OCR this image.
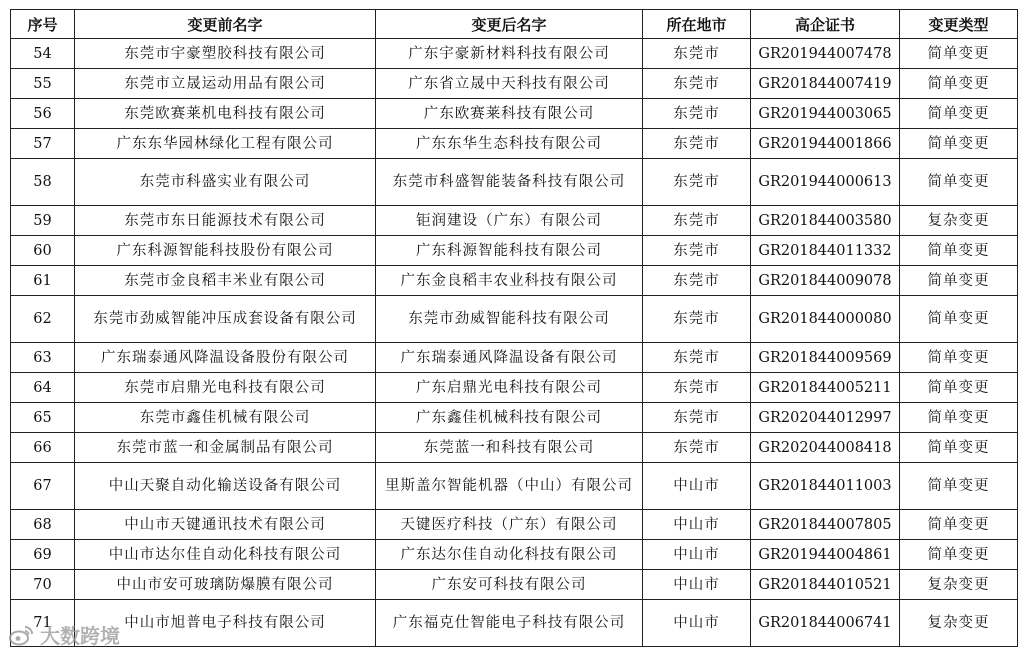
序号	变更前名字	变更后名字	所在地市	高企证书	变更类型
54	东莞市宇豪塑胶科技有限公司	广东宇豪新材料科技有限公司	东莞市	GR201944007478	简单变更
55	东莞市立晟运动用品有限公司	广东省立晟中天科技有限公司	东莞市	GR201844007419	简单变更
56	东莞欧赛莱机电科技有限公司	广东欧赛莱科技有限公司	东莞市	GR201944003065	简单变更
57	广东东华园林绿化工程有限公司	广东东华生态科技有限公司	东莞市	GR201944001866	简单变更
58	东莞市科盛实业有限公司	东莞市科盛智能装备科技有限公司	东莞市	GR201944000613	简单变更
59	东莞市东日能源技术有限公司	钜润建设（广东）有限公司	东莞市	GR201844003580	复杂变更
60	广东科源智能科技股份有限公司	广东科源智能科技有限公司	东莞市	GR201844011332	简单变更
61	东莞市金良稻丰米业有限公司	广东金良稻丰农业科技有限公司	东莞市	GR201844009078	简单变更
62	东莞市劲威智能冲压成套设备有限公司	东莞市劲威智能科技有限公司	东莞市	GR201844000080	简单变更
63	广东瑞泰通风降温设备股份有限公司	广东瑞泰通风降温设备有限公司	东莞市	GR201844009569	简单变更
64	东莞市启鼎光电科技有限公司	广东启鼎光电科技有限公司	东莞市	GR201844005211	简单变更
65	东莞市鑫佳机械有限公司	广东鑫佳机械科技有限公司	东莞市	GR202044012997	简单变更
66	东莞市蓝一和金属制品有限公司	东莞蓝一和科技有限公司	东莞市	GR202044008418	简单变更
67	中山天聚自动化输送设备有限公司	里斯盖尔智能机器（中山）有限公司	中山市	GR201844011003	简单变更
68	中山市天键通讯技术有限公司	天键医疗科技（广东）有限公司	中山市	GR201844007805	简单变更
69	中山市达尔佳自动化科技有限公司	广东达尔佳自动化科技有限公司	中山市	GR201944004861	简单变更
70	中山市安可玻璃防爆膜有限公司	广东安可科技有限公司	中山市	GR201844010521	复杂变更
71	中山市旭普电子科技有限公司	广东福克仕智能电子科技有限公司	中山市	GR201844006741	复杂变更
大数跨境
